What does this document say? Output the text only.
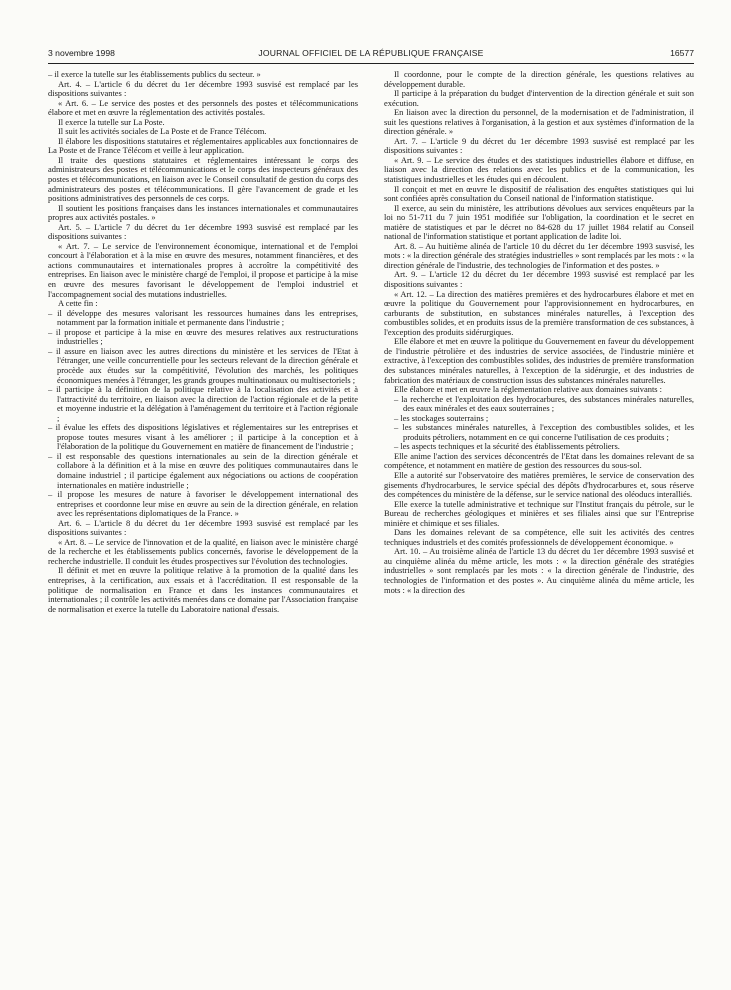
3 novembre 1998	JOURNAL OFFICIEL DE LA RÉPUBLIQUE FRANÇAISE	16577

– il exerce la tutelle sur les établissements publics du secteur. »

Art. 4. – L'article 6 du décret du 1er décembre 1993 susvisé est remplacé par les dispositions suivantes :

« Art. 6. – Le service des postes et des personnels des postes et télécommunications élabore et met en œuvre la réglementation des activités postales.

Il exerce la tutelle sur La Poste.

Il suit les activités sociales de La Poste et de France Télécom.

Il élabore les dispositions statutaires et réglementaires applicables aux fonctionnaires de La Poste et de France Télécom et veille à leur application.

Il traite des questions statutaires et réglementaires intéressant le corps des administrateurs des postes et télécommunications et le corps des inspecteurs généraux des postes et télécommunications, en liaison avec le Conseil consultatif de gestion du corps des administrateurs des postes et télécommunications. Il gère l'avancement de grade et les positions administratives des personnels de ces corps.

Il soutient les positions françaises dans les instances internationales et communautaires propres aux activités postales. »

Art. 5. – L'article 7 du décret du 1er décembre 1993 susvisé est remplacé par les dispositions suivantes :

« Art. 7. – Le service de l'environnement économique, international et de l'emploi concourt à l'élaboration et à la mise en œuvre des mesures, notamment financières, et des actions communautaires et internationales propres à accroître la compétitivité des entreprises. En liaison avec le ministère chargé de l'emploi, il propose et participe à la mise en œuvre des mesures favorisant le développement de l'emploi industriel et l'accompagnement social des mutations industrielles.

A cette fin :

– il développe des mesures valorisant les ressources humaines dans les entreprises, notamment par la formation initiale et permanente dans l'industrie ;

– il propose et participe à la mise en œuvre des mesures relatives aux restructurations industrielles ;

– il assure en liaison avec les autres directions du ministère et les services de l'Etat à l'étranger, une veille concurrentielle pour les secteurs relevant de la direction générale et procède aux études sur la compétitivité, l'évolution des marchés, les politiques économiques menées à l'étranger, les grands groupes multinationaux ou multisectoriels ;

– il participe à la définition de la politique relative à la localisation des activités et à l'attractivité du territoire, en liaison avec la direction de l'action régionale et de la petite et moyenne industrie et la délégation à l'aménagement du territoire et à l'action régionale ;

– il évalue les effets des dispositions législatives et réglementaires sur les entreprises et propose toutes mesures visant à les améliorer ; il participe à la conception et à l'élaboration de la politique du Gouvernement en matière de financement de l'industrie ;

– il est responsable des questions internationales au sein de la direction générale et collabore à la définition et à la mise en œuvre des politiques communautaires dans le domaine industriel ; il participe également aux négociations ou actions de coopération internationales en matière industrielle ;

– il propose les mesures de nature à favoriser le développement international des entreprises et coordonne leur mise en œuvre au sein de la direction générale, en relation avec les représentations diplomatiques de la France. »

Art. 6. – L'article 8 du décret du 1er décembre 1993 susvisé est remplacé par les dispositions suivantes :

« Art. 8. – Le service de l'innovation et de la qualité, en liaison avec le ministère chargé de la recherche et les établissements publics concernés, favorise le développement de la recherche industrielle. Il conduit les études prospectives sur l'évolution des technologies.

Il définit et met en œuvre la politique relative à la promotion de la qualité dans les entreprises, à la certification, aux essais et à l'accréditation. Il est responsable de la politique de normalisation en France et dans les instances communautaires et internationales ; il contrôle les activités menées dans ce domaine par l'Association française de normalisation et exerce la tutelle du Laboratoire national d'essais.

Il coordonne, pour le compte de la direction générale, les questions relatives au développement durable.

Il participe à la préparation du budget d'intervention de la direction générale et suit son exécution.

En liaison avec la direction du personnel, de la modernisation et de l'administration, il suit les questions relatives à l'organisation, à la gestion et aux systèmes d'information de la direction générale. »

Art. 7. – L'article 9 du décret du 1er décembre 1993 susvisé est remplacé par les dispositions suivantes :

« Art. 9. – Le service des études et des statistiques industrielles élabore et diffuse, en liaison avec la direction des relations avec les publics et de la communication, les statistiques industrielles et les études qui en découlent.

Il conçoit et met en œuvre le dispositif de réalisation des enquêtes statistiques qui lui sont confiées après consultation du Conseil national de l'information statistique.

Il exerce, au sein du ministère, les attributions dévolues aux services enquêteurs par la loi no 51-711 du 7 juin 1951 modifiée sur l'obligation, la coordination et le secret en matière de statistiques et par le décret no 84-628 du 17 juillet 1984 relatif au Conseil national de l'information statistique et portant application de ladite loi.

Art. 8. – Au huitième alinéa de l'article 10 du décret du 1er décembre 1993 susvisé, les mots : « la direction générale des stratégies industrielles » sont remplacés par les mots : « la direction générale de l'industrie, des technologies de l'information et des postes. »

Art. 9. – L'article 12 du décret du 1er décembre 1993 susvisé est remplacé par les dispositions suivantes :

« Art. 12. – La direction des matières premières et des hydrocarbures élabore et met en œuvre la politique du Gouvernement pour l'approvisionnement en hydrocarbures, en carburants de substitution, en substances minérales naturelles, à l'exception des combustibles solides, et en produits issus de la première transformation de ces substances, à l'exception des produits sidérurgiques.

Elle élabore et met en œuvre la politique du Gouvernement en faveur du développement de l'industrie pétrolière et des industries de service associées, de l'industrie minière et extractive, à l'exception des combustibles solides, des industries de première transformation des substances minérales naturelles, à l'exception de la sidérurgie, et des industries de fabrication des matériaux de construction issus des substances minérales naturelles.

Elle élabore et met en œuvre la réglementation relative aux domaines suivants :

– la recherche et l'exploitation des hydrocarbures, des substances minérales naturelles, des eaux minérales et des eaux souterraines ;

– les stockages souterrains ;

– les substances minérales naturelles, à l'exception des combustibles solides, et les produits pétroliers, notamment en ce qui concerne l'utilisation de ces produits ;

– les aspects techniques et la sécurité des établissements pétroliers.

Elle anime l'action des services déconcentrés de l'Etat dans les domaines relevant de sa compétence, et notamment en matière de gestion des ressources du sous-sol.

Elle a autorité sur l'observatoire des matières premières, le service de conservation des gisements d'hydrocarbures, le service spécial des dépôts d'hydrocarbures et, sous réserve des compétences du ministère de la défense, sur le service national des oléoducs interalliés.

Elle exerce la tutelle administrative et technique sur l'Institut français du pétrole, sur le Bureau de recherches géologiques et minières et ses filiales ainsi que sur l'Entreprise minière et chimique et ses filiales.

Dans les domaines relevant de sa compétence, elle suit les activités des centres techniques industriels et des comités professionnels de développement économique. »

Art. 10. – Au troisième alinéa de l'article 13 du décret du 1er décembre 1993 susvisé et au cinquième alinéa du même article, les mots : « la direction générale des stratégies industrielles » sont remplacés par les mots : « la direction générale de l'industrie, des technologies de l'information et des postes ». Au cinquième alinéa du même article, les mots : « la direction des
